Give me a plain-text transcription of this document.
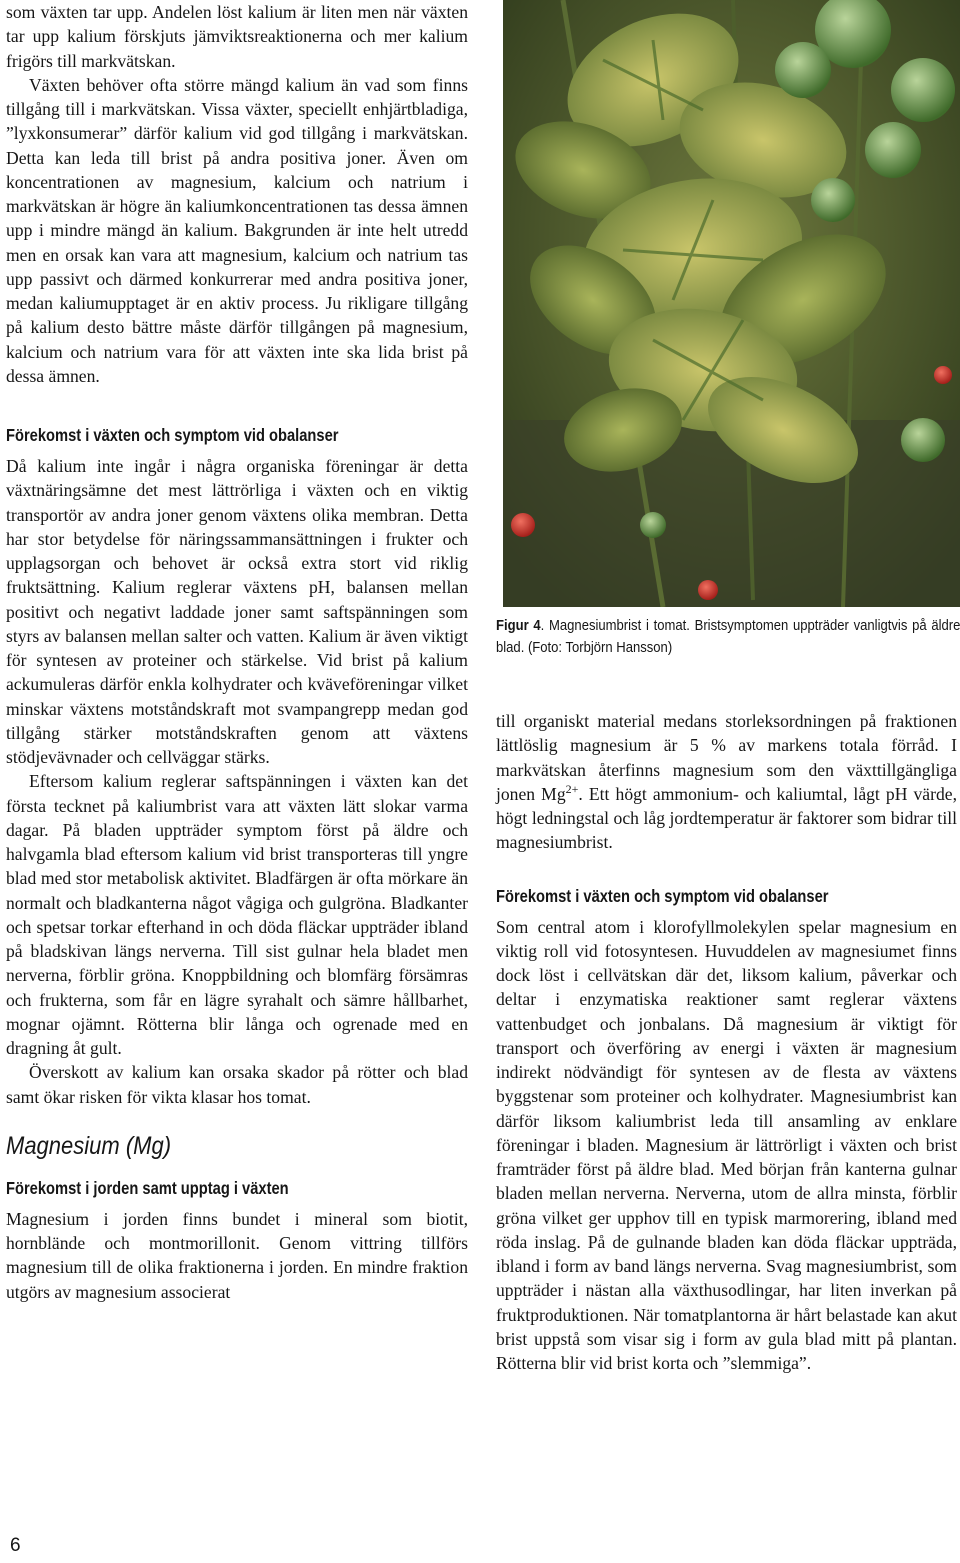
som växten tar upp. Andelen löst kalium är liten men när växten tar upp kalium förskjuts jämviktsreaktionerna och mer kalium frigörs till markvätskan.

Växten behöver ofta större mängd kalium än vad som finns tillgång till i markvätskan. Vissa växter, speciellt enhjärtbladiga, ”lyxkonsumerar” därför kalium vid god tillgång i markvätskan. Detta kan leda till brist på andra positiva joner. Även om koncentrationen av magnesium, kalcium och natrium i markvätskan är högre än kaliumkoncentrationen tas dessa ämnen upp i mindre mängd än kalium. Bakgrunden är inte helt utredd men en orsak kan vara att magnesium, kalcium och natrium tas upp passivt och därmed konkurrerar med andra positiva joner, medan kaliumupptaget är en aktiv process. Ju rikligare tillgång på kalium desto bättre måste därför tillgången på magnesium, kalcium och natrium vara för att växten inte ska lida brist på dessa ämnen.

Förekomst i växten och symptom vid obalanser

Då kalium inte ingår i några organiska föreningar är detta växtnäringsämne det mest lättrörliga i växten och en viktig transportör av andra joner genom växtens olika membran. Detta har stor betydelse för näringssammansättningen i frukter och upplagsorgan och behovet är också extra stort vid riklig fruktsättning. Kalium reglerar växtens pH, balansen mellan positivt och negativt laddade joner samt saftspänningen som styrs av balansen mellan salter och vatten. Kalium är även viktigt för syntesen av proteiner och stärkelse. Vid brist på kalium ackumuleras därför enkla kolhydrater och kväveföreningar vilket minskar växtens motståndskraft mot svampangrepp medan god tillgång stärker motståndskraften genom att växtens stödjevävnader och cellväggar stärks.

Eftersom kalium reglerar saftspänningen i växten kan det första tecknet på kaliumbrist vara att växten lätt slokar varma dagar. På bladen uppträder symptom först på äldre och halvgamla blad eftersom kalium vid brist transporteras till yngre blad med stor metabolisk aktivitet. Bladfärgen är ofta mörkare än normalt och bladkanterna något vågiga och gulgröna. Bladkanter och spetsar torkar efterhand in och döda fläckar uppträder ibland på bladskivan längs nerverna. Till sist gulnar hela bladet men nerverna, förblir gröna. Knoppbildning och blomfärg försämras och frukterna, som får en lägre syrahalt och sämre hållbarhet, mognar ojämnt. Rötterna blir långa och ogrenade med en dragning åt gult.

Överskott av kalium kan orsaka skador på rötter och blad samt ökar risken för vikta klasar hos tomat.

Magnesium (Mg)
Förekomst i jorden samt upptag i växten

Magnesium i jorden finns bundet i mineral som biotit, hornblände och montmorillonit. Genom vittring tillförs magnesium till de olika fraktionerna i jorden. En mindre fraktion utgörs av magnesium associerat

Figur 4. Magnesiumbrist i tomat. Bristsymptomen uppträder vanligtvis på äldre blad. (Foto: Torbjörn Hansson)

till organiskt material medans storleksordningen på fraktionen lättlöslig magnesium är 5 % av markens totala förråd. I markvätskan återfinns magnesium som den växttillgängliga jonen $Mg^{2+}$. Ett högt ammonium- och kaliumtal, lågt pH värde, högt ledningstal och låg jordtemperatur är faktorer som bidrar till magnesiumbrist.

Förekomst i växten och symptom vid obalanser

Som central atom i klorofyllmolekylen spelar magnesium en viktig roll vid fotosyntesen. Huvuddelen av magnesiumet finns dock löst i cellvätskan där det, liksom kalium, påverkar och deltar i enzymatiska reaktioner samt reglerar växtens vattenbudget och jonbalans. Då magnesium är viktigt för transport och överföring av energi i växten är magnesium indirekt nödvändigt för syntesen av de flesta av växtens byggstenar som proteiner och kolhydrater. Magnesiumbrist kan därför liksom kaliumbrist leda till ansamling av enklare föreningar i bladen. Magnesium är lättrörligt i växten och brist framträder först på äldre blad. Med början från kanterna gulnar bladen mellan nerverna. Nerverna, utom de allra minsta, förblir gröna vilket ger upphov till en typisk marmorering, ibland med röda inslag. På de gulnande bladen kan döda fläckar uppträda, ibland i form av band längs nerverna. Svag magnesiumbrist, som uppträder i nästan alla växthusodlingar, har liten inverkan på fruktproduktionen. När tomatplantorna är hårt belastade kan akut brist uppstå som visar sig i form av gula blad mitt på plantan. Rötterna blir vid brist korta och ”slemmiga”.

6
